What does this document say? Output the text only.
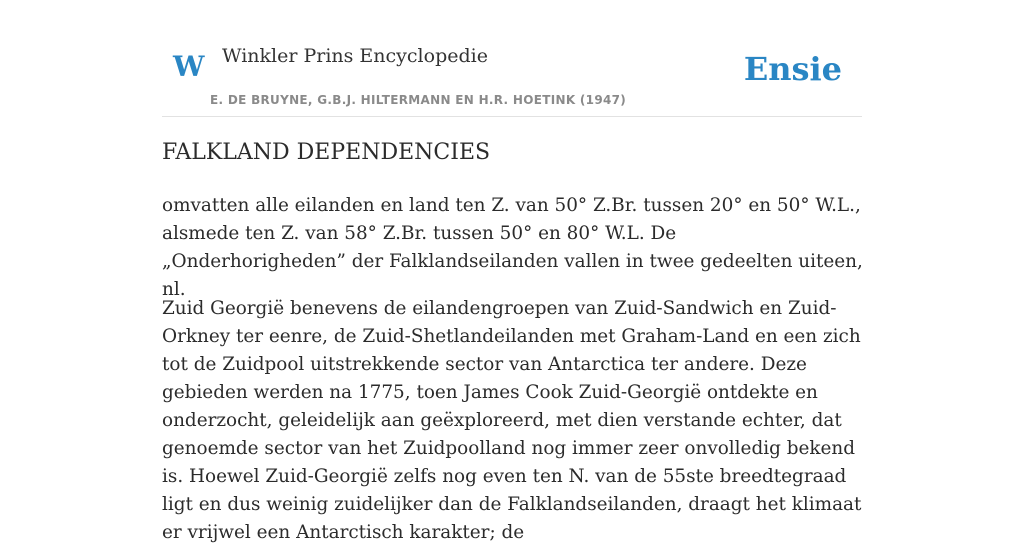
W Winkler Prins Encyclopedie
E. DE BRUYNE, G.B.J. HILTERMANN EN H.R. HOETINK (1947)
Ensie
FALKLAND DEPENDENCIES

omvatten alle eilanden en land ten Z. van 50° Z.Br. tussen 20° en 50° W.L., alsmede ten Z. van 58° Z.Br. tussen 50° en 80° W.L. De „Onderhorigheden” der Falklandseilanden vallen in twee gedeelten uiteen, nl.

Zuid Georgië benevens de eilandengroepen van Zuid-Sandwich en Zuid-Orkney ter eenre, de Zuid-Shetlandeilanden met Graham-Land en een zich tot de Zuidpool uitstrekkende sector van Antarctica ter andere. Deze gebieden werden na 1775, toen James Cook Zuid-Georgië ontdekte en onderzocht, geleidelijk aan geëxploreerd, met dien verstande echter, dat genoemde sector van het Zuidpoolland nog immer zeer onvolledig bekend is. Hoewel Zuid-Georgië zelfs nog even ten N. van de 55ste breedtegraad ligt en dus weinig zuidelijker dan de Falklandseilanden, draagt het klimaat er vrijwel een Antarctisch karakter; de
